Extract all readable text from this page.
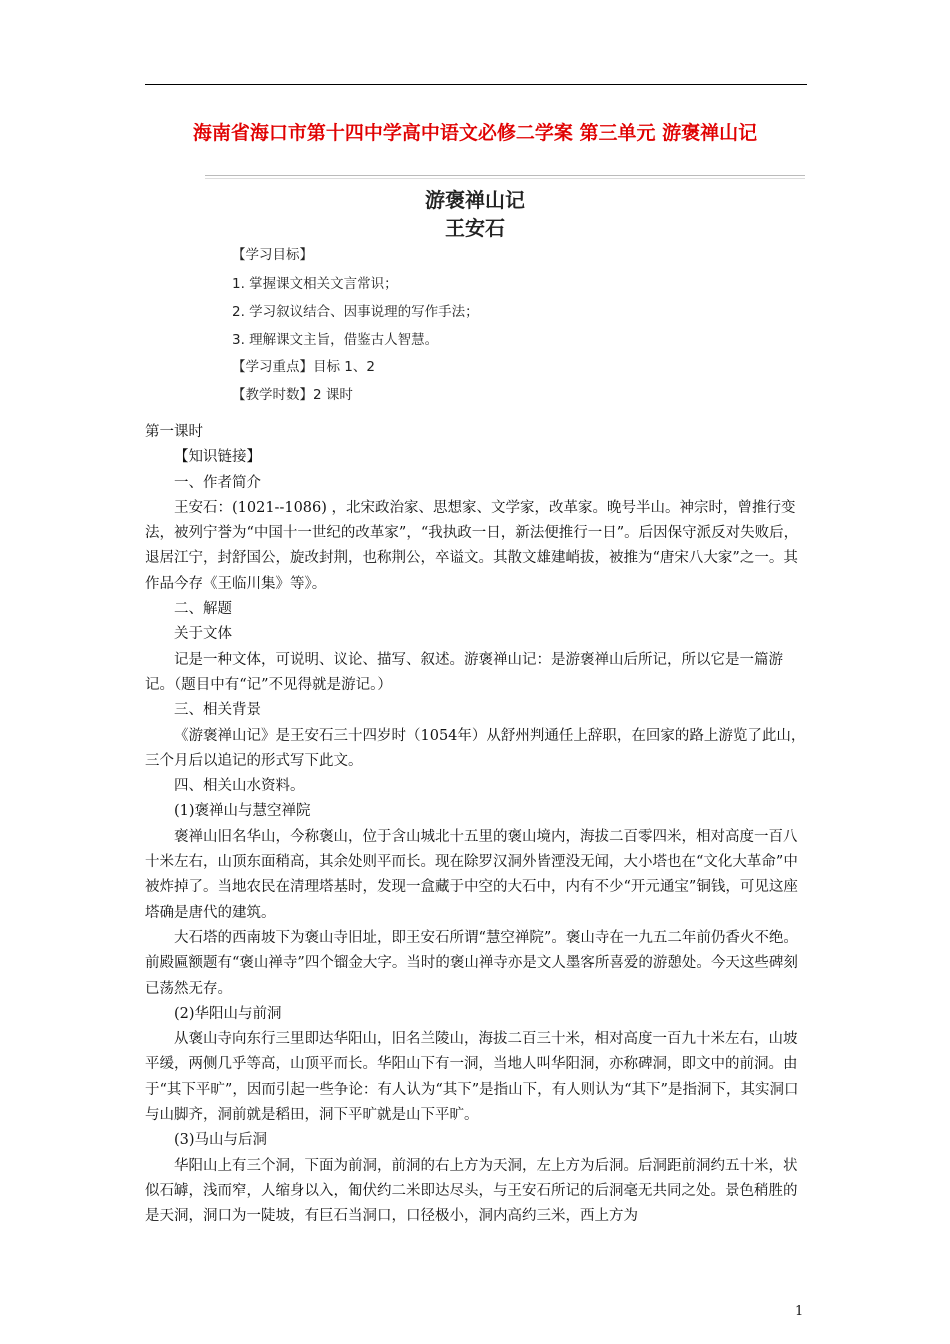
海南省海口市第十四中学高中语文必修二学案 第三单元 游褒禅山记
游褒禅山记
王安石
【学习目标】
1. 掌握课文相关文言常识；
2. 学习叙议结合、因事说理的写作手法；
3. 理解课文主旨，借鉴古人智慧。
【学习重点】目标 1、2
【教学时数】2 课时

第一课时

【知识链接】

一、作者简介

王安石：(1021--1086) ，北宋政治家、思想家、文学家，改革家。晚号半山。神宗时，曾推行变法，被列宁誉为“中国十一世纪的改革家”，“我执政一日，新法便推行一日”。后因保守派反对失败后，退居江宁，封舒国公，旋改封荆，也称荆公，卒谥文。其散文雄建峭拔，被推为“唐宋八大家”之一。其作品今存《王临川集》等》。

二、解题

关于文体

记是一种文体，可说明、议论、描写、叙述。游褒禅山记：是游褒禅山后所记，所以它是一篇游记。（题目中有“记”不见得就是游记。）

三、相关背景

《游褒禅山记》是王安石三十四岁时（1054年）从舒州判通任上辞职，在回家的路上游览了此山，三个月后以追记的形式写下此文。

四、相关山水资料。

(1)褒禅山与慧空禅院

褒禅山旧名华山，今称褒山，位于含山城北十五里的褒山境内，海拔二百零四米，相对高度一百八十米左右，山顶东面稍高，其余处则平而长。现在除罗汉洞外皆湮没无闻，大小塔也在“文化大革命”中被炸掉了。当地农民在清理塔基时，发现一盒藏于中空的大石中，内有不少“开元通宝”铜钱，可见这座塔确是唐代的建筑。

大石塔的西南坡下为褒山寺旧址，即王安石所谓“慧空禅院”。褒山寺在一九五二年前仍香火不绝。前殿匾额题有“褒山禅寺”四个镏金大字。当时的褒山禅寺亦是文人墨客所喜爱的游憩处。今天这些碑刻已荡然无存。

(2)华阳山与前洞

从褒山寺向东行三里即达华阳山，旧名兰陵山，海拔二百三十米，相对高度一百九十米左右，山坡平缓，两侧几乎等高，山顶平而长。华阳山下有一洞，当地人叫华阳洞，亦称碑洞，即文中的前洞。由于“其下平旷”，因而引起一些争论：有人认为“其下”是指山下，有人则认为“其下”是指洞下，其实洞口与山脚齐，洞前就是稻田，洞下平旷就是山下平旷。

(3)马山与后洞

华阳山上有三个洞，下面为前洞，前洞的右上方为天洞，左上方为后洞。后洞距前洞约五十米，状似石罅，浅而窄，人缩身以入，匍伏约二米即达尽头，与王安石所记的后洞毫无共同之处。景色稍胜的是天洞，洞口为一陡坡，有巨石当洞口，口径极小，洞内高约三米，西上方为

1
